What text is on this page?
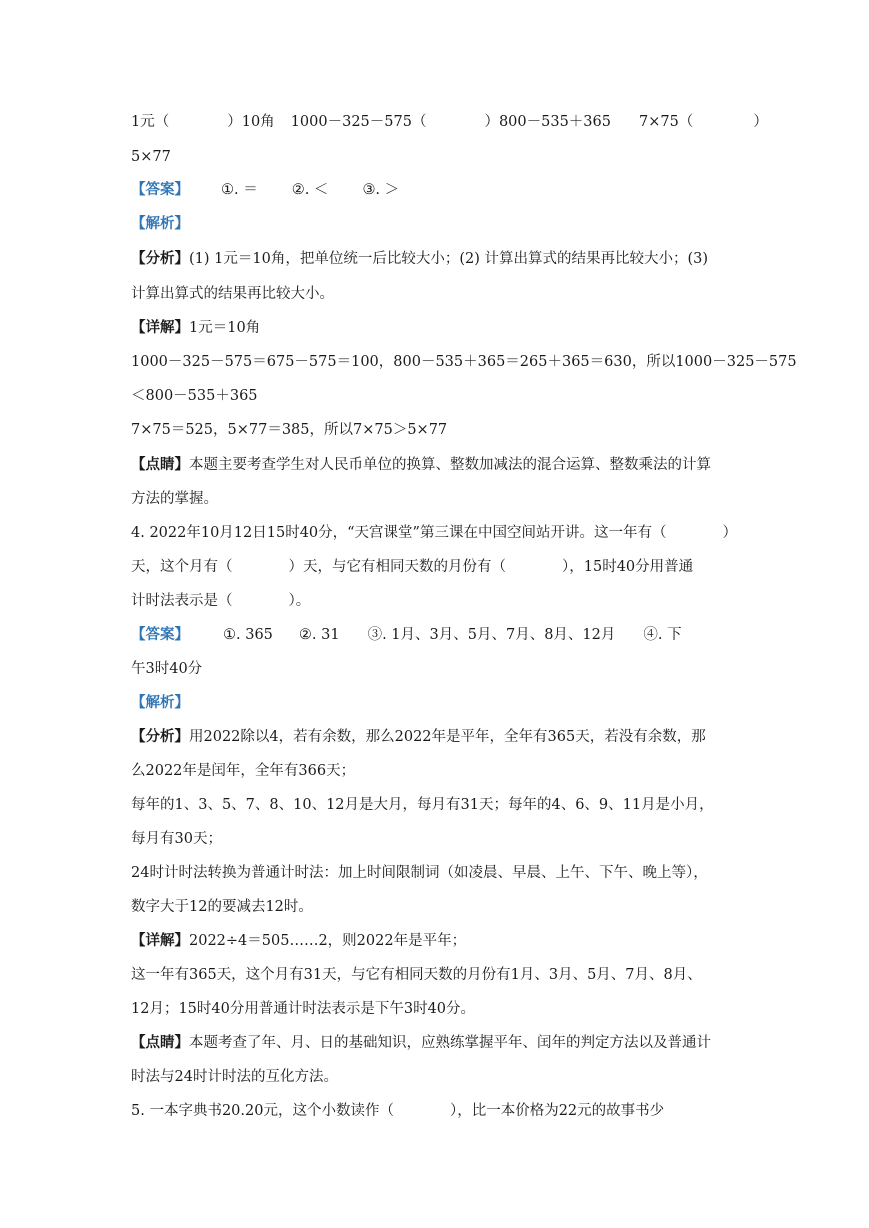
1元（	）10角 1000－325－575（	）800－535＋365 7×75（	）
5×77
【答案】 ①. ＝ ②. ＜ ③. ＞
【解析】
【分析】(1) 1元＝10角，把单位统一后比较大小；(2) 计算出算式的结果再比较大小；(3)
计算出算式的结果再比较大小。
【详解】1元＝10角
1000－325－575＝675－575＝100，800－535＋365＝265＋365＝630，所以1000－325－575
＜800－535＋365
7×75＝525，5×77＝385，所以7×75＞5×77
【点睛】本题主要考查学生对人民币单位的换算、整数加减法的混合运算、整数乘法的计算
方法的掌握。
4. 2022年10月12日15时40分，“天宫课堂”第三课在中国空间站开讲。这一年有（	）
天，这个月有（	）天，与它有相同天数的月份有（	），15时40分用普通
计时法表示是（	）。
【答案】 ①. 365 ②. 31 ③. 1月、3月、5月、7月、8月、12月 ④. 下
午3时40分
【解析】
【分析】用2022除以4，若有余数，那么2022年是平年，全年有365天，若没有余数，那
么2022年是闰年，全年有366天；
每年的1、3、5、7、8、10、12月是大月，每月有31天；每年的4、6、9、11月是小月，
每月有30天；
24时计时法转换为普通计时法：加上时间限制词（如凌晨、早晨、上午、下午、晚上等），
数字大于12的要减去12时。
【详解】2022÷4＝505……2，则2022年是平年；
这一年有365天，这个月有31天，与它有相同天数的月份有1月、3月、5月、7月、8月、
12月；15时40分用普通计时法表示是下午3时40分。
【点睛】本题考查了年、月、日的基础知识，应熟练掌握平年、闰年的判定方法以及普通计
时法与24时计时法的互化方法。
5. 一本字典书20.20元，这个小数读作（	），比一本价格为22元的故事书少
